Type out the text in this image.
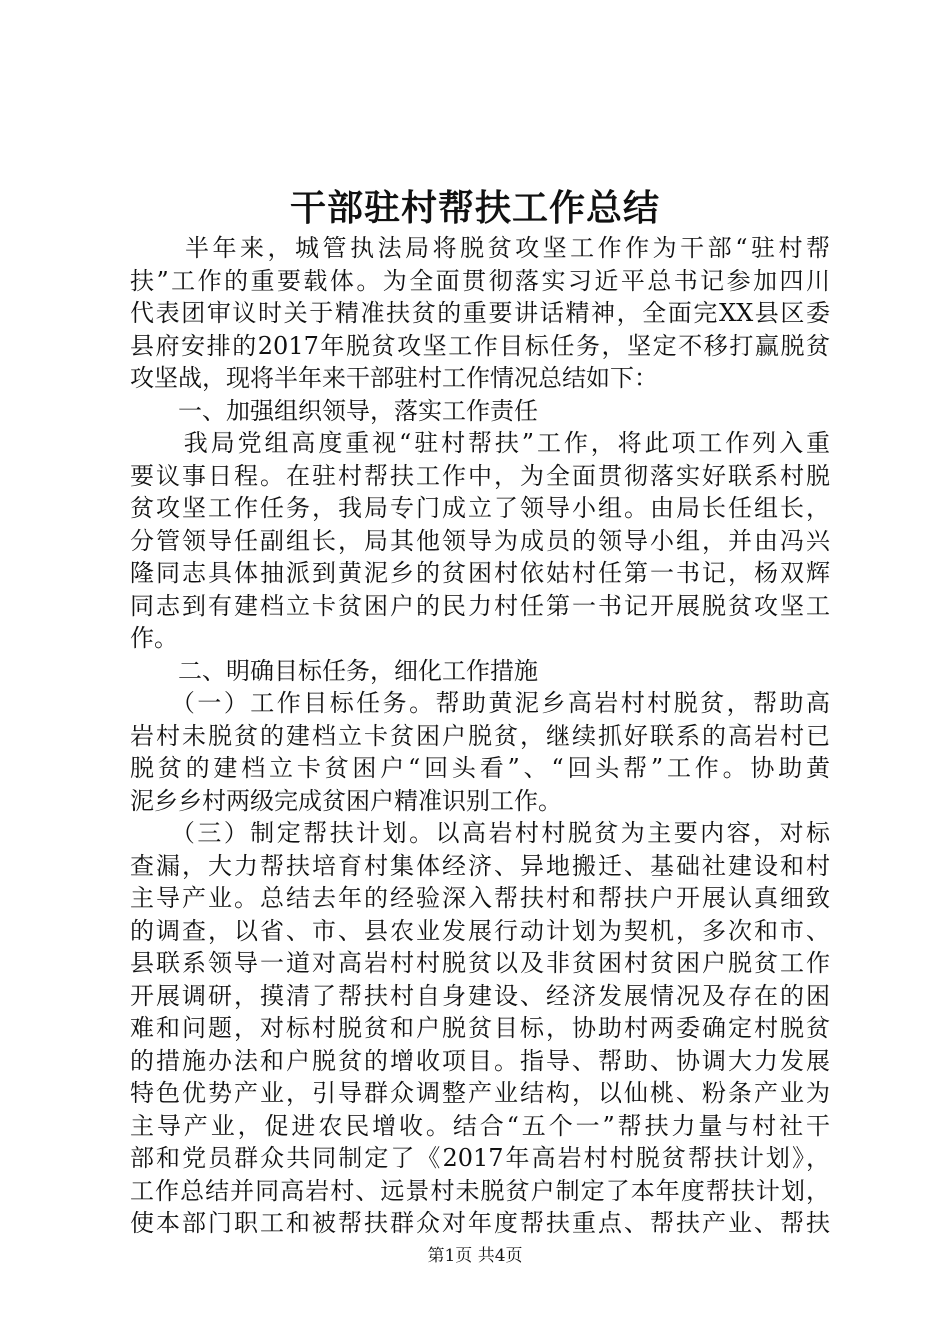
干部驻村帮扶工作总结
　　半年来，城管执法局将脱贫攻坚工作作为干部“驻村帮
扶”工作的重要载体。为全面贯彻落实习近平总书记参加四川
代表团审议时关于精准扶贫的重要讲话精神，全面完XX县区委
县府安排的2017年脱贫攻坚工作目标任务，坚定不移打赢脱贫
攻坚战，现将半年来干部驻村工作情况总结如下：
　　一、加强组织领导，落实工作责任
　　我局党组高度重视“驻村帮扶”工作，将此项工作列入重
要议事日程。在驻村帮扶工作中，为全面贯彻落实好联系村脱
贫攻坚工作任务，我局专门成立了领导小组。由局长任组长，
分管领导任副组长，局其他领导为成员的领导小组，并由冯兴
隆同志具体抽派到黄泥乡的贫困村依姑村任第一书记，杨双辉
同志到有建档立卡贫困户的民力村任第一书记开展脱贫攻坚工
作。
　　二、明确目标任务，细化工作措施
　　（一）工作目标任务。帮助黄泥乡高岩村村脱贫，帮助高
岩村未脱贫的建档立卡贫困户脱贫，继续抓好联系的高岩村已
脱贫的建档立卡贫困户“回头看”、“回头帮”工作。协助黄
泥乡乡村两级完成贫困户精准识别工作。
　　（三）制定帮扶计划。以高岩村村脱贫为主要内容，对标
查漏，大力帮扶培育村集体经济、异地搬迁、基础社建设和村
主导产业。总结去年的经验深入帮扶村和帮扶户开展认真细致
的调查，以省、市、县农业发展行动计划为契机，多次和市、
县联系领导一道对高岩村村脱贫以及非贫困村贫困户脱贫工作
开展调研，摸清了帮扶村自身建设、经济发展情况及存在的困
难和问题，对标村脱贫和户脱贫目标，协助村两委确定村脱贫
的措施办法和户脱贫的增收项目。指导、帮助、协调大力发展
特色优势产业，引导群众调整产业结构，以仙桃、粉条产业为
主导产业，促进农民增收。结合“五个一”帮扶力量与村社干
部和党员群众共同制定了《2017年高岩村村脱贫帮扶计划》，
工作总结并同高岩村、远景村未脱贫户制定了本年度帮扶计划，
使本部门职工和被帮扶群众对年度帮扶重点、帮扶产业、帮扶
第1页 共4页
